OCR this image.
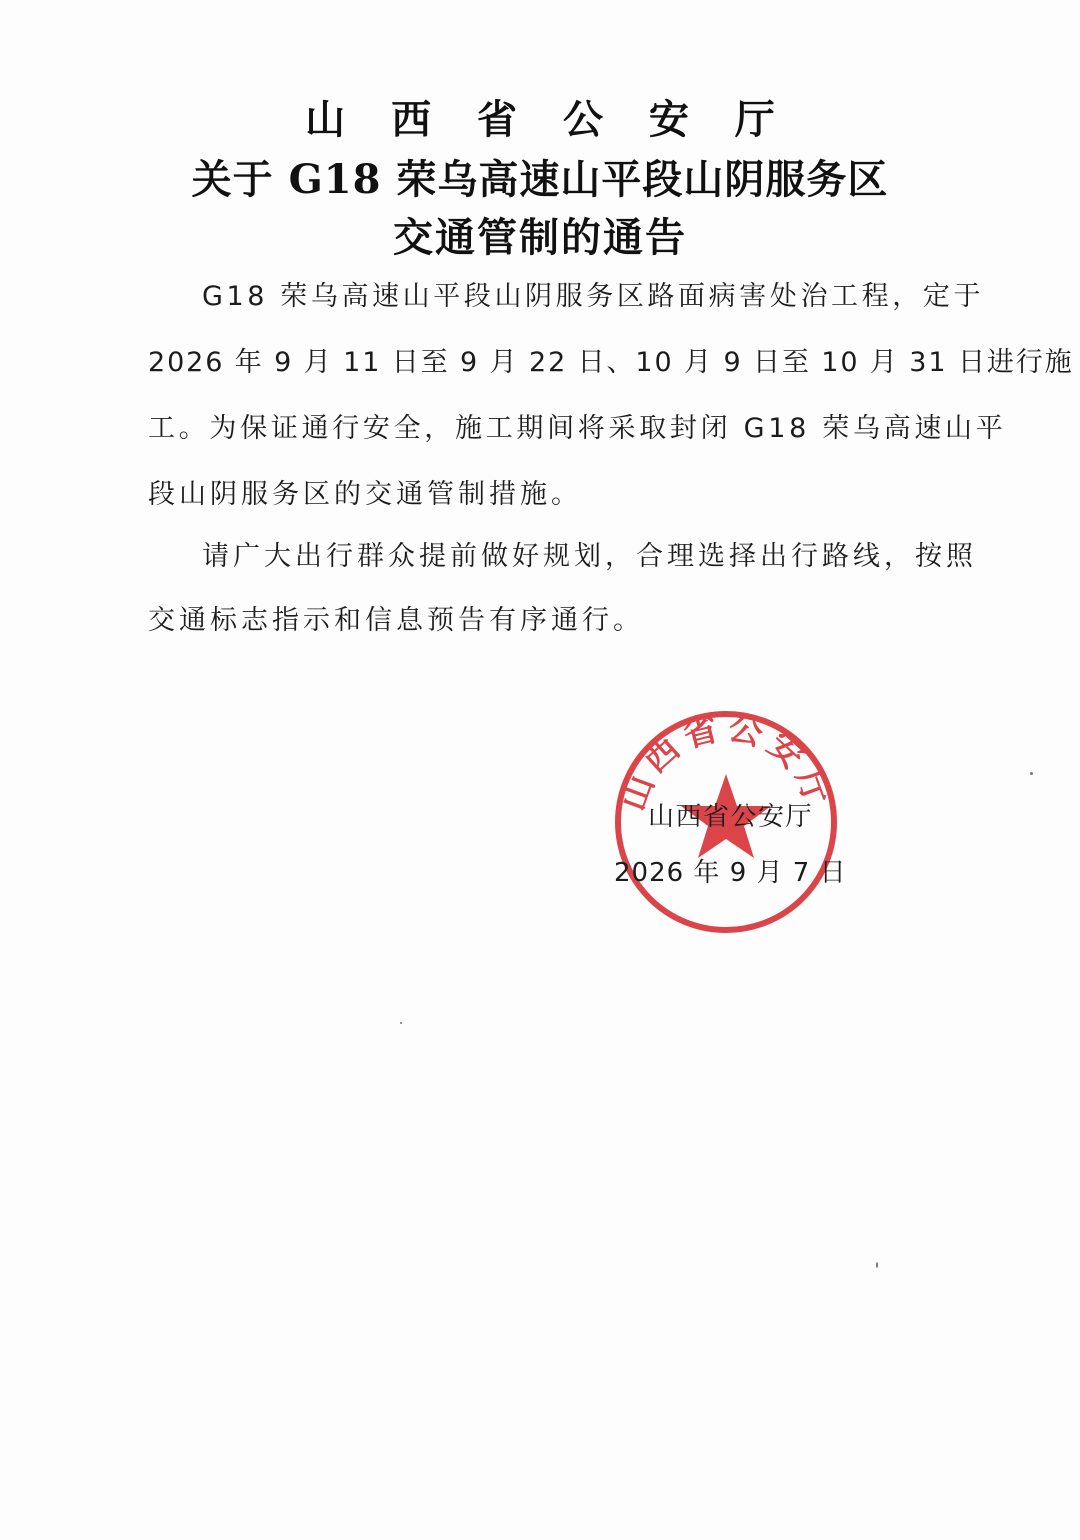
山 西 省 公 安 厅
关于 G18 荣乌高速山平段山阴服务区
交通管制的通告
G18 荣乌高速山平段山阴服务区路面病害处治工程，定于
2026 年 9 月 11 日至 9 月 22 日、10 月 9 日至 10 月 31 日进行施
工。为保证通行安全，施工期间将采取封闭 G18 荣乌高速山平
段山阴服务区的交通管制措施。
请广大出行群众提前做好规划，合理选择出行路线，按照
交通标志指示和信息预告有序通行。
山西省公安厅
山西省公安厅
2026 年 9 月 7 日
